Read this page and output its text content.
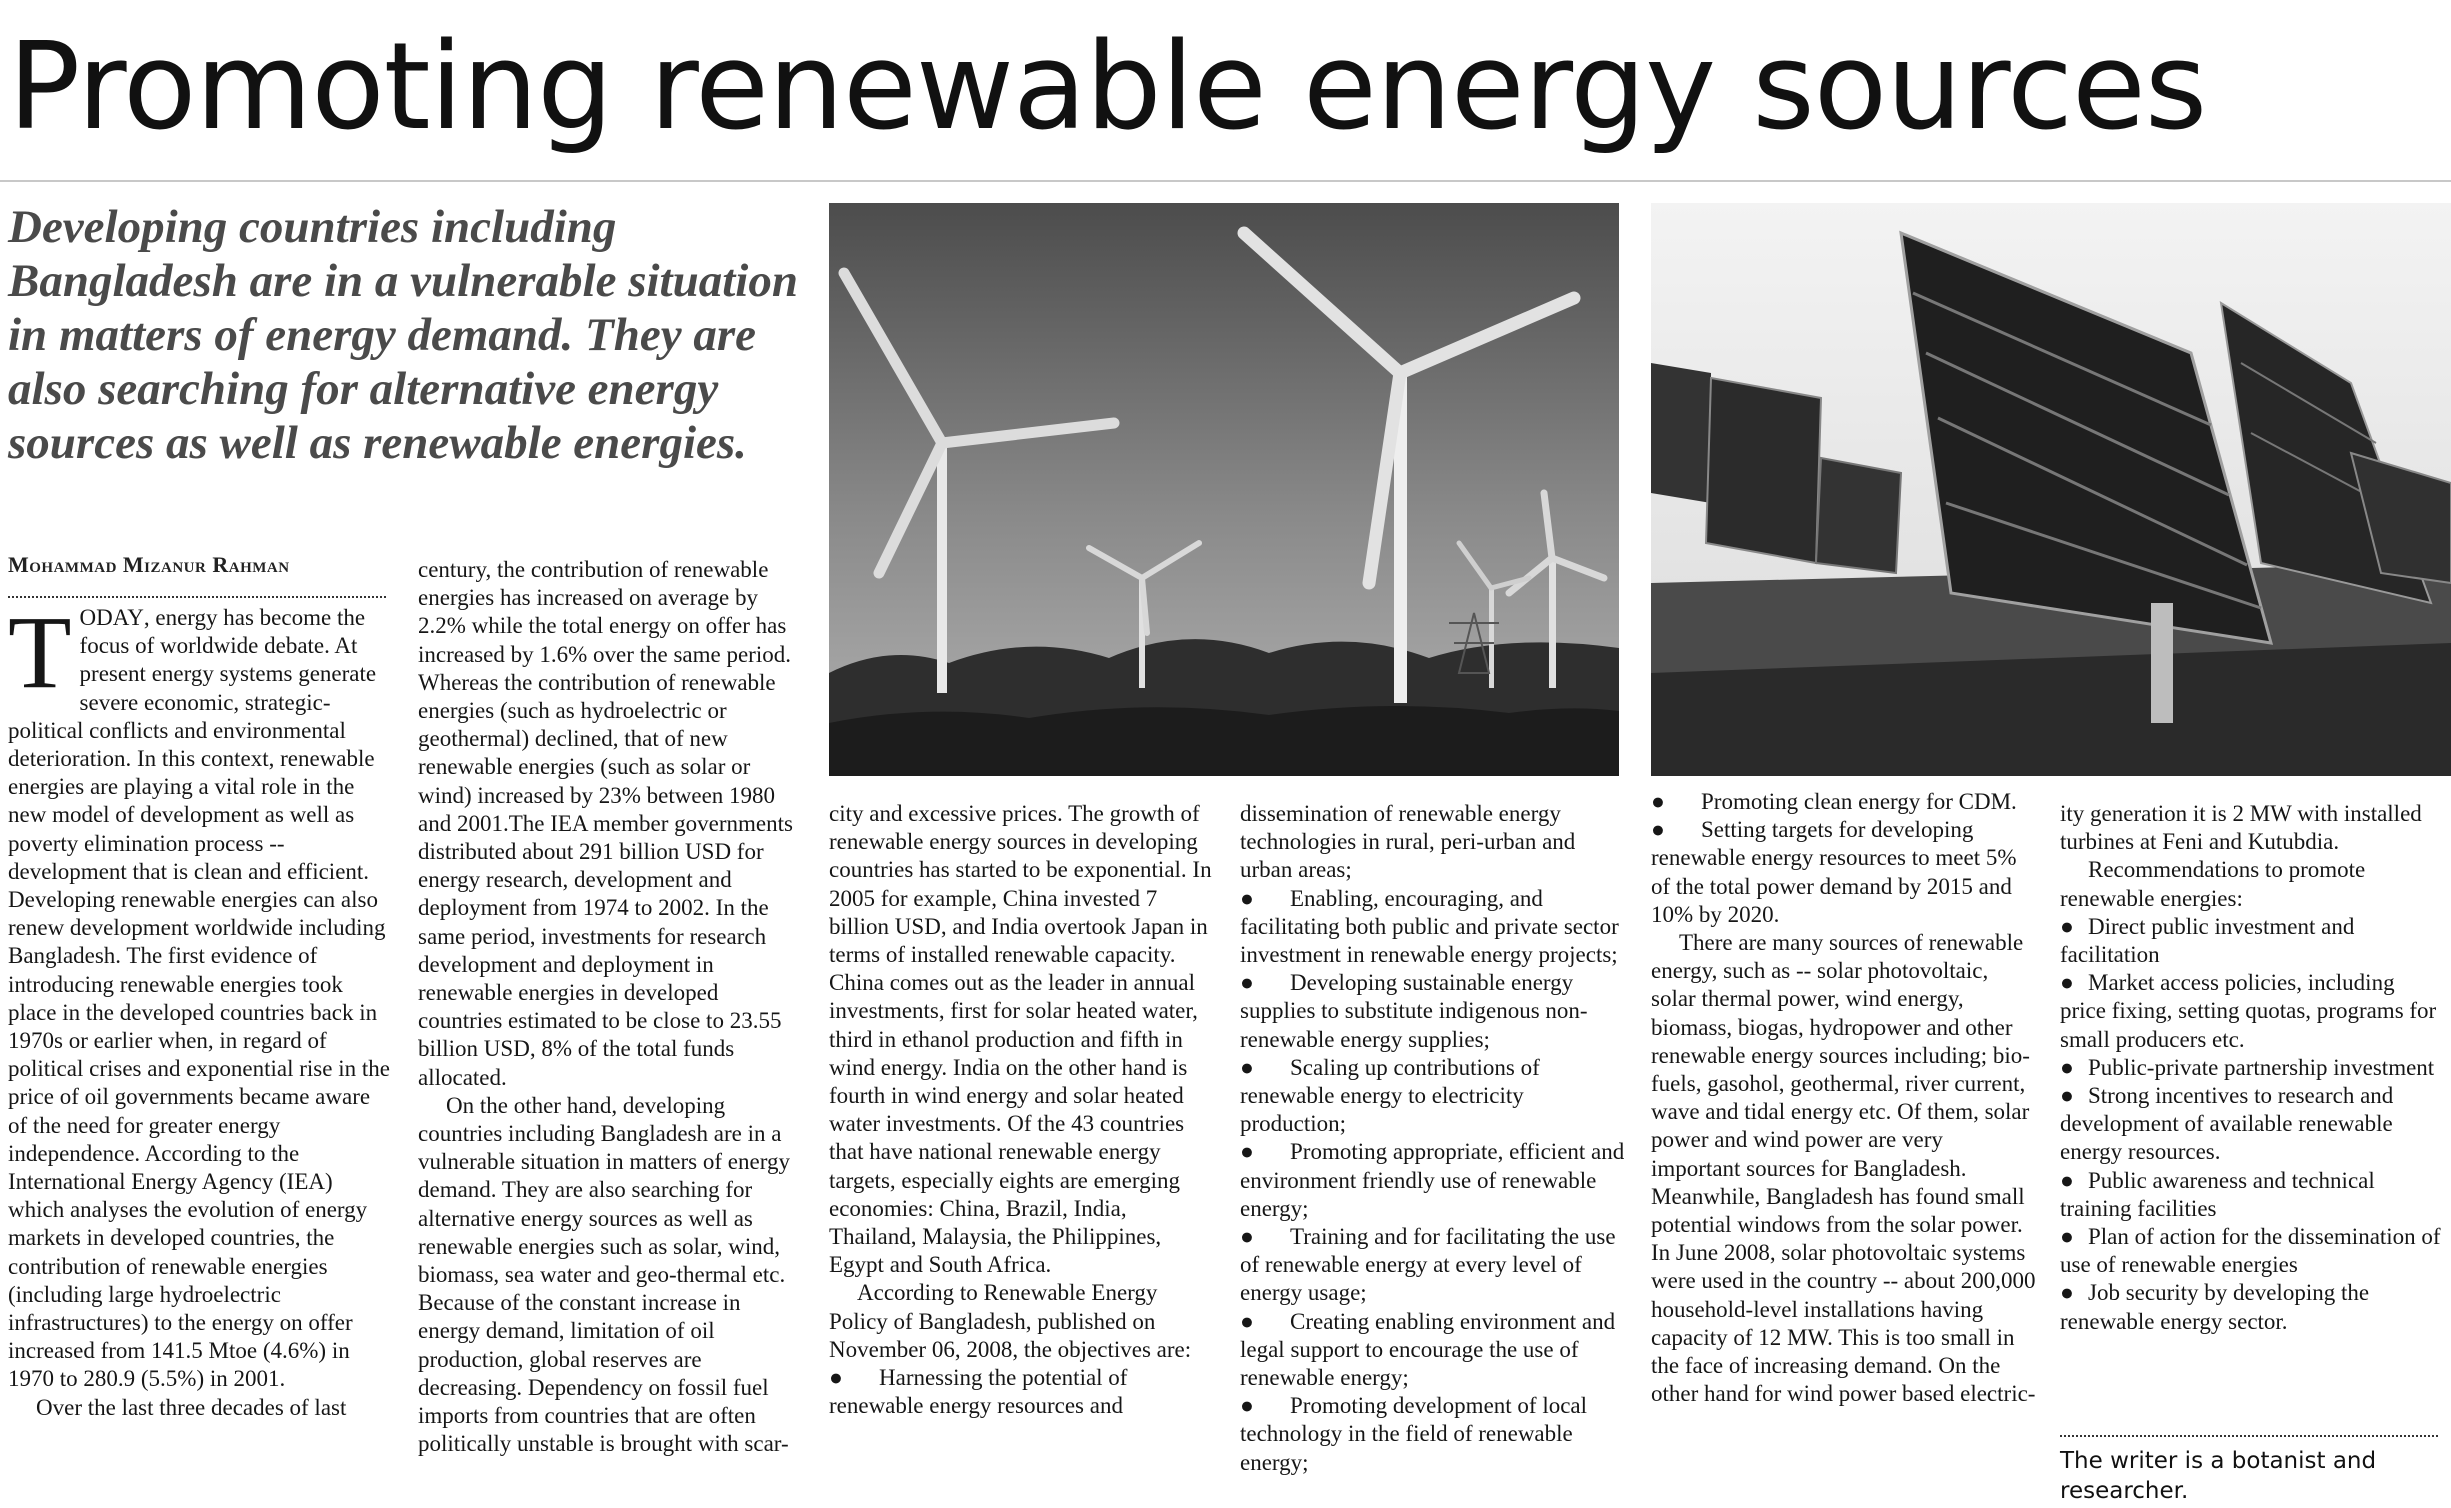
Promoting renewable energy sources

Developing countries including Bangladesh are in a vulnerable situation in matters of energy demand. They are also searching for alternative energy sources as well as renewable energies.

Mohammad Mizanur Rahman

TODAY, energy has become the focus of worldwide debate. At present energy systems generate severe economic, strategic-political conflicts and environmental deterioration. In this context, renewable energies are playing a vital role in the new model of development as well as poverty elimination process -- development that is clean and efficient.

Developing renewable energies can also renew development worldwide including Bangladesh. The first evidence of introducing renewable energies took place in the developed countries back in 1970s or earlier when, in regard of political crises and exponential rise in the price of oil governments became aware of the need for greater energy independence. According to the International Energy Agency (IEA) which analyses the evolution of energy markets in developed countries, the contribution of renewable energies (including large hydroelectric infrastructures) to the energy on offer increased from 141.5 Mtoe (4.6%) in 1970 to 280.9 (5.5%) in 2001.

Over the last three decades of last

century, the contribution of renewable energies has increased on average by 2.2% while the total energy on offer has increased by 1.6% over the same period. Whereas the contribution of renewable energies (such as hydroelectric or geothermal) declined, that of new renewable energies (such as solar or wind) increased by 23% between 1980 and 2001.The IEA member governments distributed about 291 billion USD for energy research, development and deployment from 1974 to 2002. In the same period, investments for research development and deployment in renewable energies in developed countries estimated to be close to 23.55 billion USD, 8% of the total funds allocated.

On the other hand, developing countries including Bangladesh are in a vulnerable situation in matters of energy demand. They are also searching for alternative energy sources as well as renewable energies such as solar, wind, biomass, sea water and geo-thermal etc. Because of the constant increase in energy demand, limitation of oil production, global reserves are decreasing. Dependency on fossil fuel imports from countries that are often politically unstable is brought with scar-

city and excessive prices. The growth of renewable energy sources in developing countries has started to be exponential. In 2005 for example, China invested 7 billion USD, and India overtook Japan in terms of installed renewable capacity. China comes out as the leader in annual investments, first for solar heated water, third in ethanol production and fifth in wind energy. India on the other hand is fourth in wind energy and solar heated water investments. Of the 43 countries that have national renewable energy targets, especially eights are emerging economies: China, Brazil, India, Thailand, Malaysia, the Philippines, Egypt and South Africa.

According to Renewable Energy Policy of Bangladesh, published on November 06, 2008, the objectives are:

● Harnessing the potential of renewable energy resources and

dissemination of renewable energy technologies in rural, peri-urban and urban areas;

● Enabling, encouraging, and facilitating both public and private sector investment in renewable energy projects;

● Developing sustainable energy supplies to substitute indigenous non-renewable energy supplies;

● Scaling up contributions of renewable energy to electricity production;

● Promoting appropriate, efficient and environment friendly use of renewable energy;

● Training and for facilitating the use of renewable energy at every level of energy usage;

● Creating enabling environment and legal support to encourage the use of renewable energy;

● Promoting development of local technology in the field of renewable energy;

● Promoting clean energy for CDM.

● Setting targets for developing renewable energy resources to meet 5% of the total power demand by 2015 and 10% by 2020.

There are many sources of renewable energy, such as -- solar photovoltaic, solar thermal power, wind energy, biomass, biogas, hydropower and other renewable energy sources including; bio-fuels, gasohol, geothermal, river current, wave and tidal energy etc. Of them, solar power and wind power are very important sources for Bangladesh. Meanwhile, Bangladesh has found small potential windows from the solar power. In June 2008, solar photovoltaic systems were used in the country -- about 200,000 household-level installations having capacity of 12 MW. This is too small in the face of increasing demand. On the other hand for wind power based electric-

ity generation it is 2 MW with installed turbines at Feni and Kutubdia.

Recommendations to promote renewable energies:

● Direct public investment and facilitation

● Market access policies, including price fixing, setting quotas, programs for small producers etc.

● Public-private partnership investment

● Strong incentives to research and development of available renewable energy resources.

● Public awareness and technical training facilities

● Plan of action for the dissemination of use of renewable energies

● Job security by developing the renewable energy sector.

The writer is a botanist and researcher.
